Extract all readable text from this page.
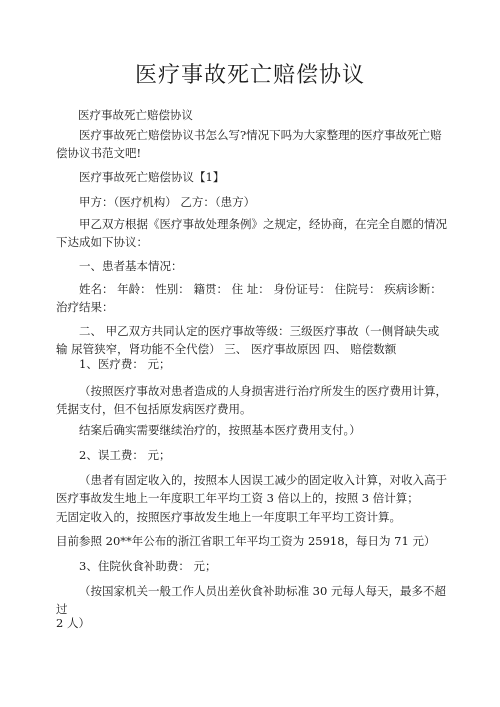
医疗事故死亡赔偿协议
医疗事故死亡赔偿协议
医疗事故死亡赔偿协议书怎么写?情况下吗为大家整理的医疗事故死亡赔偿协议书范文吧!
医疗事故死亡赔偿协议【1】
甲方：（医疗机构） 乙方：（患方）
甲乙双方根据《医疗事故处理条例》之规定，经协商，在完全自愿的情况下达成如下协议：
一、患者基本情况：
姓名： 年龄： 性别： 籍贯： 住 址： 身份证号： 住院号： 疾病诊断： 治疗结果：
二、 甲乙双方共同认定的医疗事故等级：三级医疗事故（一侧肾缺失或输 尿管狭窄，肾功能不全代偿） 三、 医疗事故原因 四、 赔偿数额
1、医疗费： 元；
（按照医疗事故对患者造成的人身损害进行治疗所发生的医疗费用计算，凭据支付，但不包括原发病医疗费用。
结案后确实需要继续治疗的，按照基本医疗费用支付。）
2、误工费： 元；
（患者有固定收入的，按照本人因误工减少的固定收入计算，对收入高于医疗事故发生地上一年度职工年平均工资 3 倍以上的，按照 3 倍计算；
无固定收入的，按照医疗事故发生地上一年度职工年平均工资计算。
目前参照 20**年公布的浙江省职工年平均工资为 25918，每日为 71 元）
3、住院伙食补助费： 元；
（按国家机关一般工作人员出差伙食补助标准 30 元每人每天，最多不超过
2 人）
